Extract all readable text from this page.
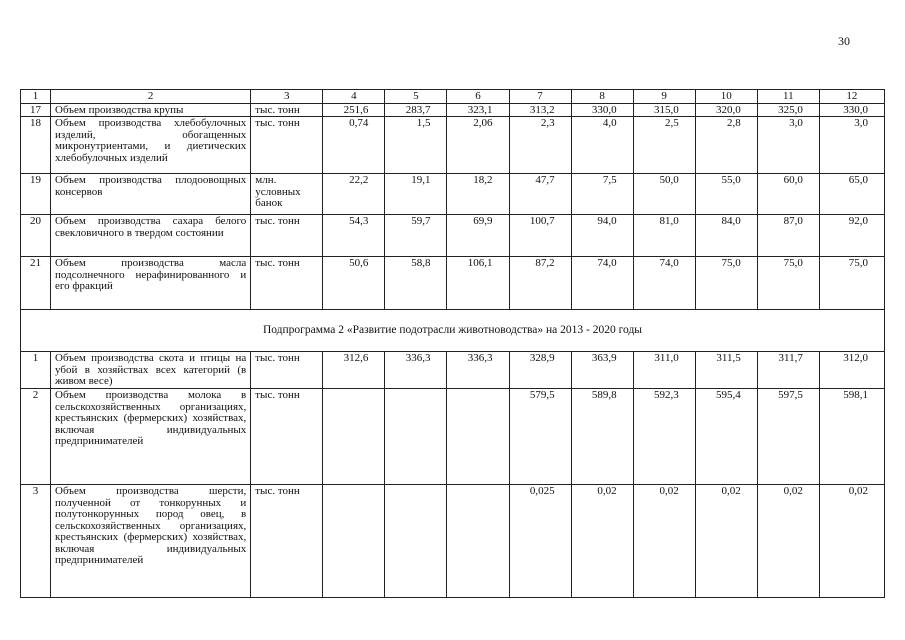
30
1	2	3	4	5	6	7	8	9	10	11	12
17	Объем производства крупы	тыс. тонн	251,6	283,7	323,1	313,2	330,0	315,0	320,0	325,0	330,0
18	Объем производства хлебобулочных изделий, обогащенных микронутриентами, и диетических хлебобулочных изделий	тыс. тонн	0,74	1,5	2,06	2,3	4,0	2,5	2,8	3,0	3,0
19	Объем производства плодоовощных консервов	млн. условных банок	22,2	19,1	18,2	47,7	7,5	50,0	55,0	60,0	65,0
20	Объем производства сахара белого свекловичного в твердом состоянии	тыс. тонн	54,3	59,7	69,9	100,7	94,0	81,0	84,0	87,0	92,0
21	Объем производства масла подсолнечного нерафинированного и его фракций	тыс. тонн	50,6	58,8	106,1	87,2	74,0	74,0	75,0	75,0	75,0
Подпрограмма 2 «Развитие подотрасли животноводства» на 2013 - 2020 годы											
1	Объем производства скота и птицы на убой в хозяйствах всех категорий (в живом весе)	тыс. тонн	312,6	336,3	336,3	328,9	363,9	311,0	311,5	311,7	312,0
2	Объем производства молока в сельскохозяйственных организациях, крестьянских (фермерских) хозяйствах, включая индивидуальных предпринимателей	тыс. тонн				579,5	589,8	592,3	595,4	597,5	598,1
3	Объем производства шерсти, полученной от тонкорунных и полутонкорунных пород овец, в сельскохозяйственных организациях, крестьянских (фермерских) хозяйствах, включая индивидуальных предпринимателей	тыс. тонн				0,025	0,02	0,02	0,02	0,02	0,02
